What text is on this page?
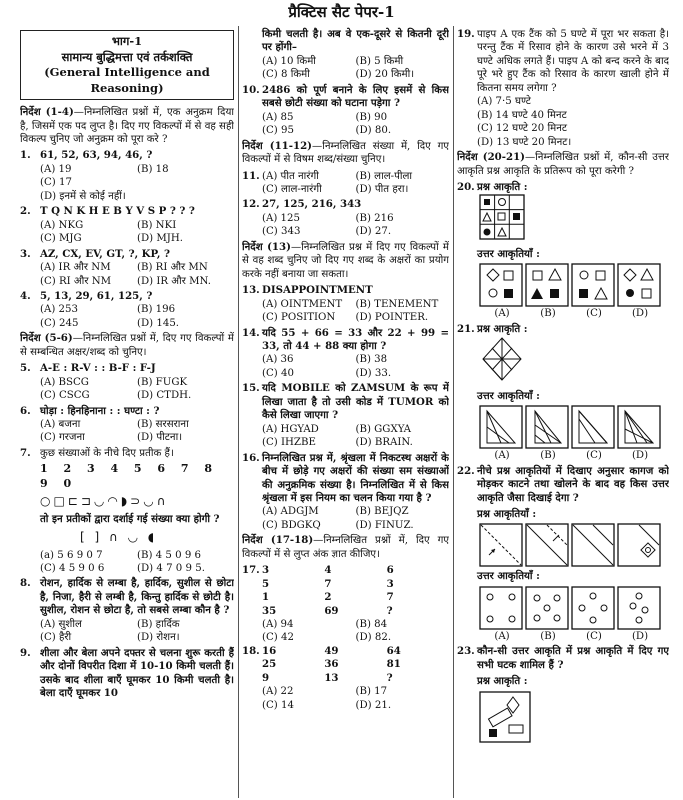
प्रैक्टिस सैट पेपर-1
भाग-1
सामान्य बुद्धिमत्ता एवं तर्कशक्ति
(General Intelligence and Reasoning)
निर्देश (1-4)—निम्नलिखित प्रश्नों में, एक अनुक्रम दिया है, जिसमें एक पद लुप्त है। दिए गए विकल्पों में से वह सही विकल्प चुनिए जो अनुक्रम को पूरा करे ?
1. 61, 52, 63, 94, 46, ?
(A) 19	(B) 18
(C) 17
(D) इनमें से कोई नहीं।
2. T Q N K H E B Y V S P ? ? ?
(A) NKG	(B) NKI
(C) MJG	(D) MJH.
3. AZ, CX, EV, GT, ?, KP, ?
(A) IR और NM	(B) RI और MN
(C) RI और NM	(D) IR और MN.
4. 5, 13, 29, 61, 125, ?
(A) 253	(B) 196
(C) 245	(D) 145.
निर्देश (5-6)—निम्नलिखित प्रश्नों में, दिए गए विकल्पों में से सम्बन्धित अक्षर/शब्द को चुनिए।
5. A-E : R-V : : B-F : F-J
(A) BSCG	(B) FUGK
(C) CSCG	(D) CTDH.
6. घोड़ा : हिनहिनाना : : घण्टा : ?
(A) बजना	(B) सरसराना
(C) गरजना	(D) पीटना।
7. कुछ संख्याओं के नीचे दिए प्रतीक हैं।
1 2 3 4 5 6 7 8 9 0
○□⊏⊐◡◠◗⊃◡∩
तो इन प्रतीकों द्वारा दर्शाई गई संख्या क्या होगी ?
[ ] ∩ ◡ ◖
(a) 5 6 9 0 7	(B) 4 5 0 9 6
(C) 4 5 9 0 6	(D) 4 7 0 9 5.
8. रोशन, हार्दिक से लम्बा है, हार्दिक, सुशील से छोटा है, निजा, हैरी से लम्बी है, किन्तु हार्दिक से छोटी है। सुशील, रोशन से छोटा है, तो सबसे लम्बा कौन है ?
(A) सुशील	(B) हार्दिक
(C) हैरी	(D) रोशन।
9. शीला और बेला अपने दफ्तर से चलना शुरू करती हैं और दोनों विपरीत दिशा में 10-10 किमी चलती हैं। उसके बाद शीला बाएँ घूमकर 10 किमी चलती है। बेला दाएँ घूमकर 10
किमी चलती है। अब वे एक-दूसरे से कितनी दूरी पर होंगी–
(A) 10 किमी	(B) 5 किमी
(C) 8 किमी	(D) 20 किमी।
10. 2486 को पूर्ण बनाने के लिए इसमें से किस सबसे छोटी संख्या को घटाना पड़ेगा ?
(A) 85	(B) 90
(C) 95	(D) 80.
निर्देश (11-12)—निम्नलिखित संख्या में, दिए गए विकल्पों में से विषम शब्द/संख्या चुनिए।
11. (A) पीत नारंगी	(B) लाल-पीला
(C) लाल-नारंगी	(D) पीत हरा।
12. 27, 125, 216, 343
(A) 125	(B) 216
(C) 343	(D) 27.
निर्देश (13)—निम्नलिखित प्रश्न में दिए गए विकल्पों में से वह शब्द चुनिए जो दिए गए शब्द के अक्षरों का प्रयोग करके नहीं बनाया जा सकता।
13. DISAPPOINTMENT
(A) OINTMENT	(B) TENEMENT
(C) POSITION	(D) POINTER.
14. यदि 55 + 66 = 33 और 22 + 99 = 33, तो 44 + 88 क्या होगा ?
(A) 36	(B) 38
(C) 40	(D) 33.
15. यदि MOBILE को ZAMSUM के रूप में लिखा जाता है तो उसी कोड में TUMOR को कैसे लिखा जाएगा ?
(A) HGYAD	(B) GGXYA
(C) IHZBE	(D) BRAIN.
16. निम्नलिखित प्रश्न में, श्रृंखला में निकटस्थ अक्षरों के बीच में छोड़े गए अक्षरों की संख्या सम संख्याओं की अनुक्रमिक संख्या है। निम्नलिखित में से किस श्रृंखला में इस नियम का चलन किया गया है ?
(A) ADGJM	(B) BEJQZ
(C) BDGKQ	(D) FINUZ.
निर्देश (17-18)—निम्नलिखित प्रश्नों में, दिए गए विकल्पों में से लुप्त अंक ज्ञात कीजिए।
17. 3	4	6
5	7	3
1	2	7
35	69	?
(A) 94	(B) 84
(C) 42	(D) 82.
18. 16	49	64
25	36	81
9	13	?
(A) 22	(B) 17
(C) 14	(D) 21.
19. पाइप A एक टैंक को 5 घण्टे में पूरा भर सकता है। परन्तु टैंक में रिसाव होने के कारण उसे भरने में 3 घण्टे अधिक लगते हैं। पाइप A को बन्द करने के बाद पूरे भरे हुए टैंक को रिसाव के कारण खाली होने में कितना समय लगेगा ?
(A) 7·5 घण्टे
(B) 14 घण्टे 40 मिनट
(C) 12 घण्टे 20 मिनट
(D) 13 घण्टे 20 मिनट।
निर्देश (20-21)—निम्नलिखित प्रश्नों में, कौन-सी उत्तर आकृति प्रश्न आकृति के प्रतिरूप को पूरा करेगी ?
20. प्रश्न आकृति :
उत्तर आकृतियाँ :
(A)	(B)	(C)	(D)
21. प्रश्न आकृति :
उत्तर आकृतियाँ :
(A)	(B)	(C)	(D)
22. नीचे प्रश्न आकृतियों में दिखाए अनुसार कागज को मोड़कर काटने तथा खोलने के बाद वह किस उत्तर आकृति जैसा दिखाई देगा ?
प्रश्न आकृतियाँ :
उत्तर आकृतियाँ :
(A)	(B)	(C)	(D)
23. कौन-सी उत्तर आकृति में प्रश्न आकृति में दिए गए सभी घटक शामिल हैं ?
प्रश्न आकृति :
